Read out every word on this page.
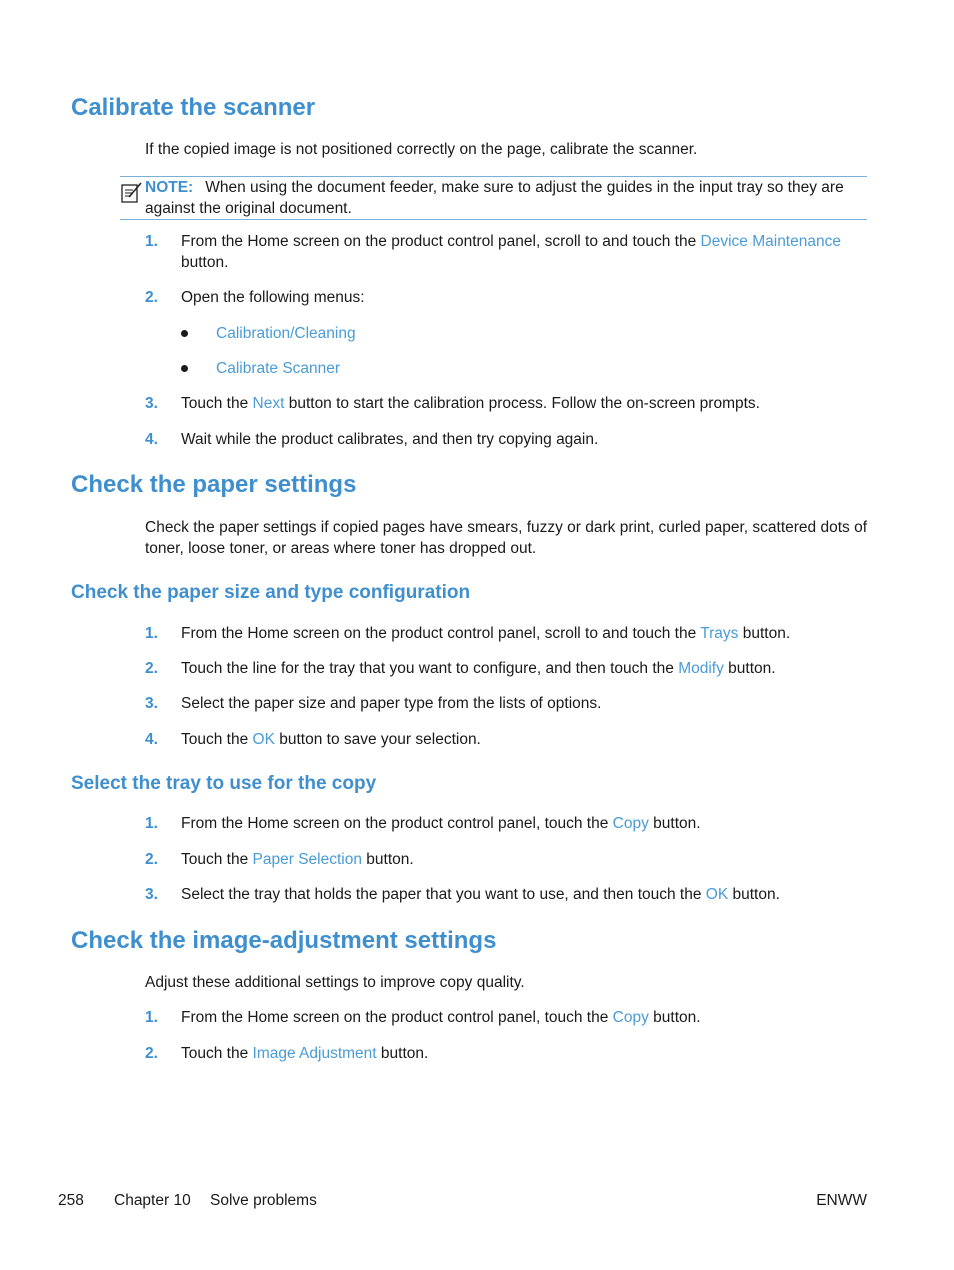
Calibrate the scanner
If the copied image is not positioned correctly on the page, calibrate the scanner.
NOTE: When using the document feeder, make sure to adjust the guides in the input tray so they are against the original document.
1.	From the Home screen on the product control panel, scroll to and touch the Device Maintenance button.
2.	Open the following menus:
Calibration/Cleaning
Calibrate Scanner
3.	Touch the Next button to start the calibration process. Follow the on-screen prompts.
4.	Wait while the product calibrates, and then try copying again.
Check the paper settings
Check the paper settings if copied pages have smears, fuzzy or dark print, curled paper, scattered dots of toner, loose toner, or areas where toner has dropped out.
Check the paper size and type configuration
1.	From the Home screen on the product control panel, scroll to and touch the Trays button.
2.	Touch the line for the tray that you want to configure, and then touch the Modify button.
3.	Select the paper size and paper type from the lists of options.
4.	Touch the OK button to save your selection.
Select the tray to use for the copy
1.	From the Home screen on the product control panel, touch the Copy button.
2.	Touch the Paper Selection button.
3.	Select the tray that holds the paper that you want to use, and then touch the OK button.
Check the image-adjustment settings
Adjust these additional settings to improve copy quality.
1.	From the Home screen on the product control panel, touch the Copy button.
2.	Touch the Image Adjustment button.
258 Chapter 10 Solve problems	ENWW
